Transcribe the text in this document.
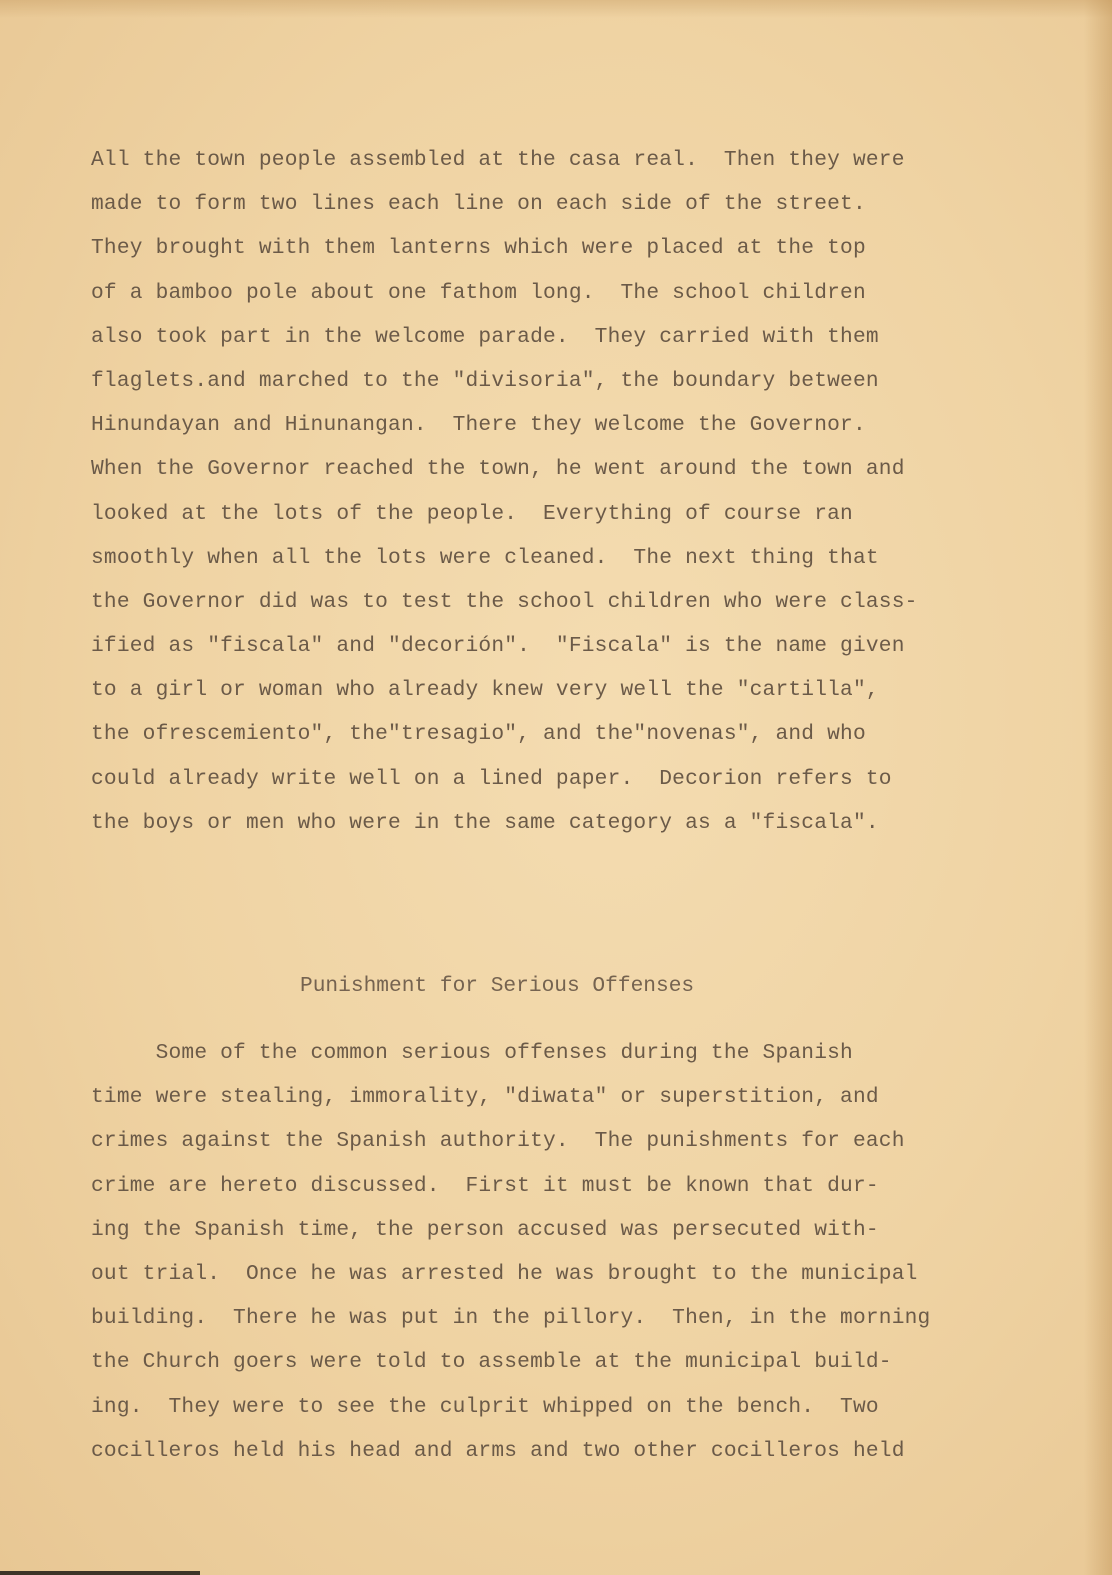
All the town people assembled at the casa real.  Then they were
made to form two lines each line on each side of the street.
They brought with them lanterns which were placed at the top
of a bamboo pole about one fathom long.  The school children
also took part in the welcome parade.  They carried with them
flaglets.and marched to the "divisoria", the boundary between
Hinundayan and Hinunangan.  There they welcome the Governor.
When the Governor reached the town, he went around the town and
looked at the lots of the people.  Everything of course ran
smoothly when all the lots were cleaned.  The next thing that
the Governor did was to test the school children who were class-
ified as "fiscala" and "decorión".  "Fiscala" is the name given
to a girl or woman who already knew very well the "cartilla",
the ofrescemiento", the"tresagio", and the"novenas", and who
could already write well on a lined paper.  Decorion refers to
the boys or men who were in the same category as a "fiscala".
Punishment for Serious Offenses
Some of the common serious offenses during the Spanish
time were stealing, immorality, "diwata" or superstition, and
crimes against the Spanish authority.  The punishments for each
crime are hereto discussed.  First it must be known that dur-
ing the Spanish time, the person accused was persecuted with-
out trial.  Once he was arrested he was brought to the municipal
building.  There he was put in the pillory.  Then, in the morning
the Church goers were told to assemble at the municipal build-
ing.  They were to see the culprit whipped on the bench.  Two
cocilleros held his head and arms and two other cocilleros held
